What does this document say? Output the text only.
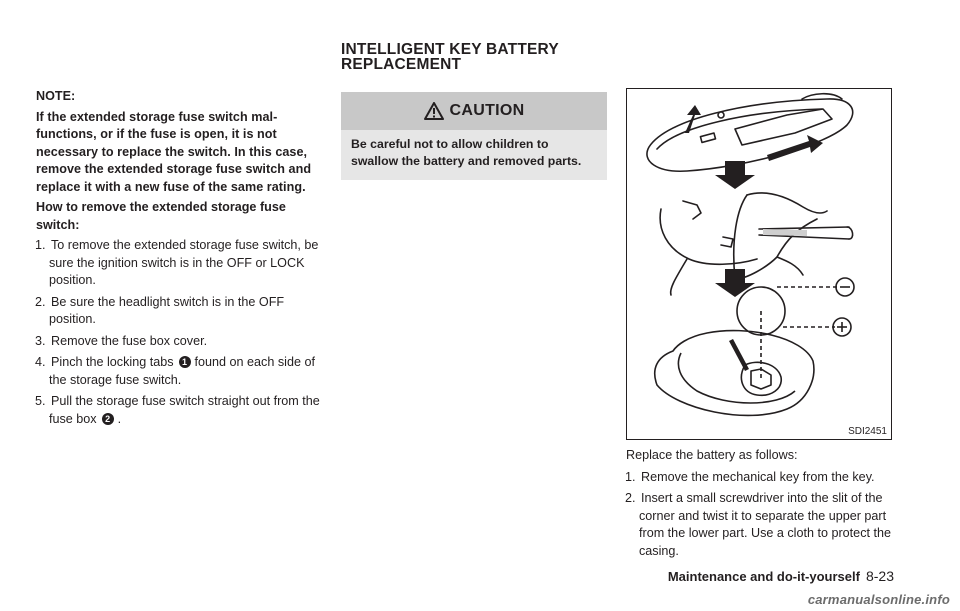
NOTE:

If the extended storage fuse switch mal-functions, or if the fuse is open, it is not necessary to replace the switch. In this case, remove the extended storage fuse switch and replace it with a new fuse of the same rating.

How to remove the extended storage fuse switch:

1. To remove the extended storage fuse switch, be sure the ignition switch is in the OFF or LOCK position.
2. Be sure the headlight switch is in the OFF position.
3. Remove the fuse box cover.
4. Pinch the locking tabs 1 found on each side of the storage fuse switch.
5. Pull the storage fuse switch straight out from the fuse box 2 .
INTELLIGENT KEY BATTERY REPLACEMENT
CAUTION
Be careful not to allow children to swallow the battery and removed parts.
SDI2451

Replace the battery as follows:

1. Remove the mechanical key from the key.
2. Insert a small screwdriver into the slit of the corner and twist it to separate the upper part from the lower part. Use a cloth to protect the casing.
Maintenance and do-it-yourself 8-23
carmanualsonline.info
